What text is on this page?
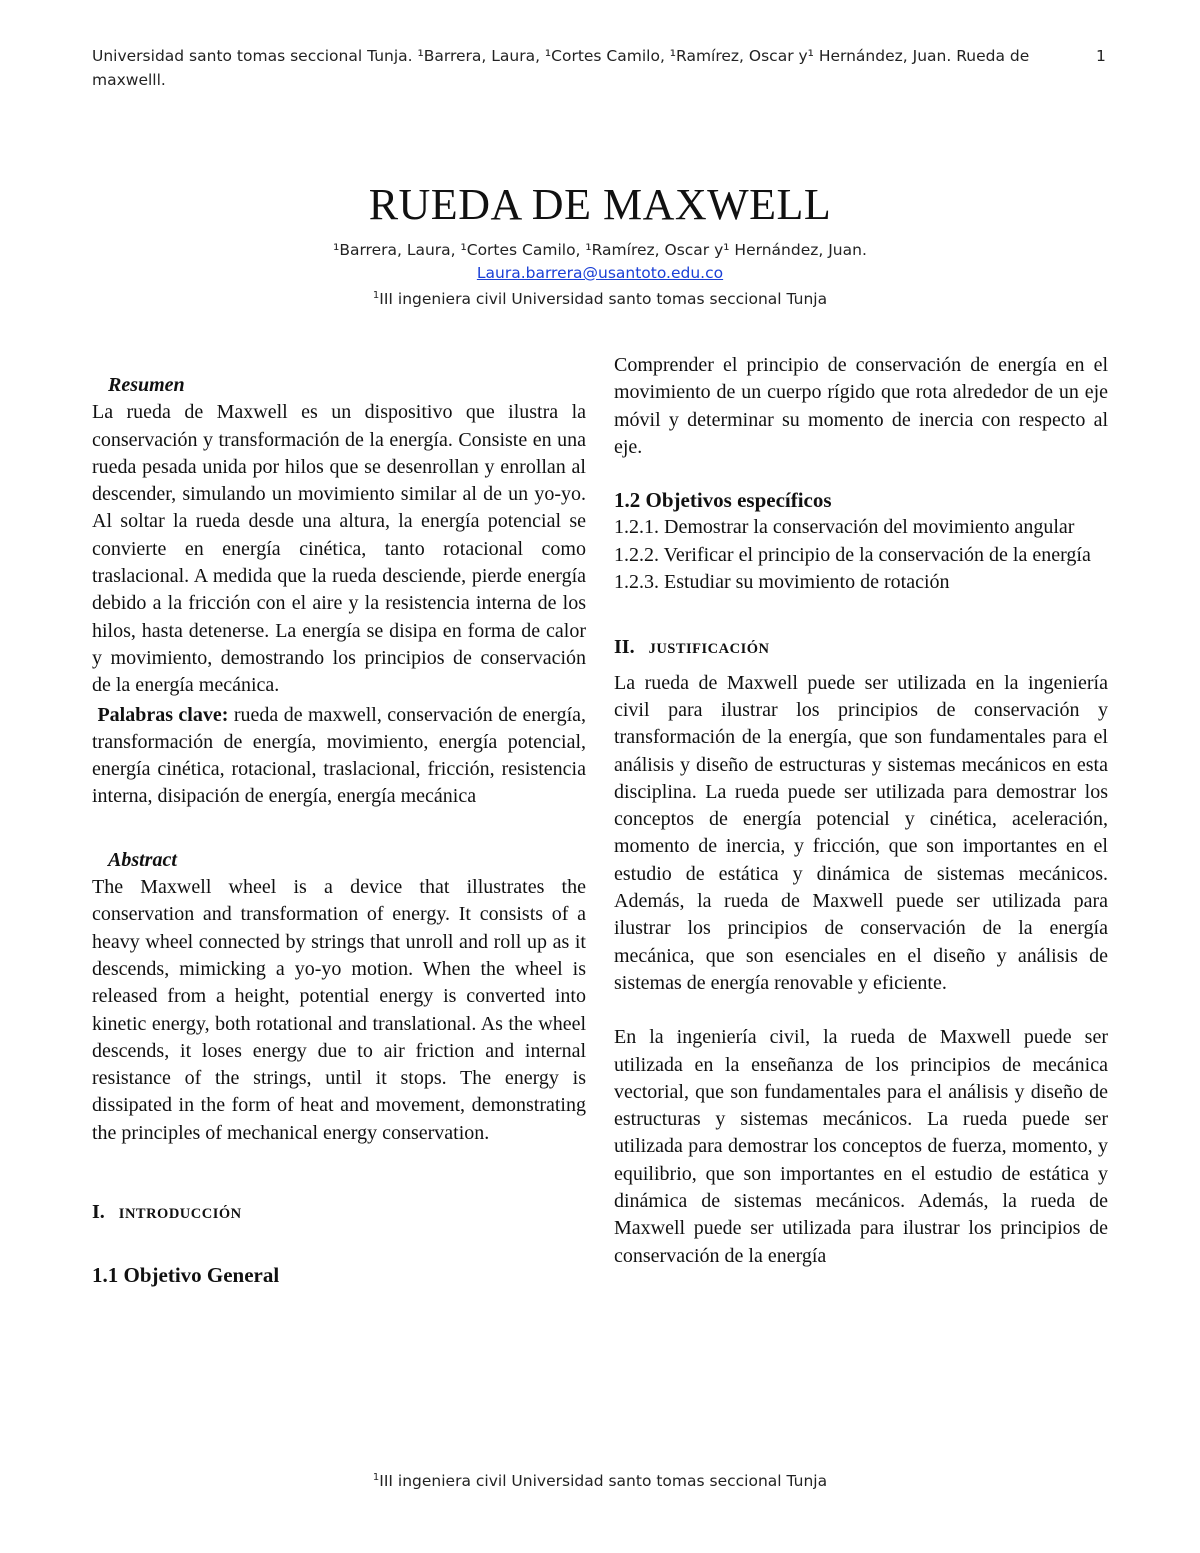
Universidad santo tomas seccional Tunja. ¹Barrera, Laura, ¹Cortes Camilo, ¹Ramírez, Oscar y¹ Hernández, Juan. Rueda de maxwelll.
1
RUEDA DE MAXWELL
¹Barrera, Laura, ¹Cortes Camilo, ¹Ramírez, Oscar y¹ Hernández, Juan.
Laura.barrera@usantoto.edu.co
$^1$III ingeniera civil Universidad santo tomas seccional Tunja

Resumen

La rueda de Maxwell es un dispositivo que ilustra la conservación y transformación de la energía. Consiste en una rueda pesada unida por hilos que se desenrollan y enrollan al descender, simulando un movimiento similar al de un yo-yo. Al soltar la rueda desde una altura, la energía potencial se convierte en energía cinética, tanto rotacional como traslacional. A medida que la rueda desciende, pierde energía debido a la fricción con el aire y la resistencia interna de los hilos, hasta detenerse. La energía se disipa en forma de calor y movimiento, demostrando los principios de conservación de la energía mecánica.

Palabras clave: rueda de maxwell, conservación de energía, transformación de energía, movimiento, energía potencial, energía cinética, rotacional, traslacional, fricción, resistencia interna, disipación de energía, energía mecánica

Abstract

The Maxwell wheel is a device that illustrates the conservation and transformation of energy. It consists of a heavy wheel connected by strings that unroll and roll up as it descends, mimicking a yo-yo motion. When the wheel is released from a height, potential energy is converted into kinetic energy, both rotational and translational. As the wheel descends, it loses energy due to air friction and internal resistance of the strings, until it stops. The energy is dissipated in the form of heat and movement, demonstrating the principles of mechanical energy conservation.

I. INTRODUCCIÓN

1.1 Objetivo General

Comprender el principio de conservación de energía en el movimiento de un cuerpo rígido que rota alrededor de un eje móvil y determinar su momento de inercia con respecto al eje.

1.2 Objetivos específicos

1.2.1. Demostrar la conservación del movimiento angular

1.2.2. Verificar el principio de la conservación de la energía

1.2.3. Estudiar su movimiento de rotación

II. JUSTIFICACIÓN

La rueda de Maxwell puede ser utilizada en la ingeniería civil para ilustrar los principios de conservación y transformación de la energía, que son fundamentales para el análisis y diseño de estructuras y sistemas mecánicos en esta disciplina. La rueda puede ser utilizada para demostrar los conceptos de energía potencial y cinética, aceleración, momento de inercia, y fricción, que son importantes en el estudio de estática y dinámica de sistemas mecánicos. Además, la rueda de Maxwell puede ser utilizada para ilustrar los principios de conservación de la energía mecánica, que son esenciales en el diseño y análisis de sistemas de energía renovable y eficiente.

En la ingeniería civil, la rueda de Maxwell puede ser utilizada en la enseñanza de los principios de mecánica vectorial, que son fundamentales para el análisis y diseño de estructuras y sistemas mecánicos. La rueda puede ser utilizada para demostrar los conceptos de fuerza, momento, y equilibrio, que son importantes en el estudio de estática y dinámica de sistemas mecánicos. Además, la rueda de Maxwell puede ser utilizada para ilustrar los principios de conservación de la energía

$^1$III ingeniera civil Universidad santo tomas seccional Tunja
